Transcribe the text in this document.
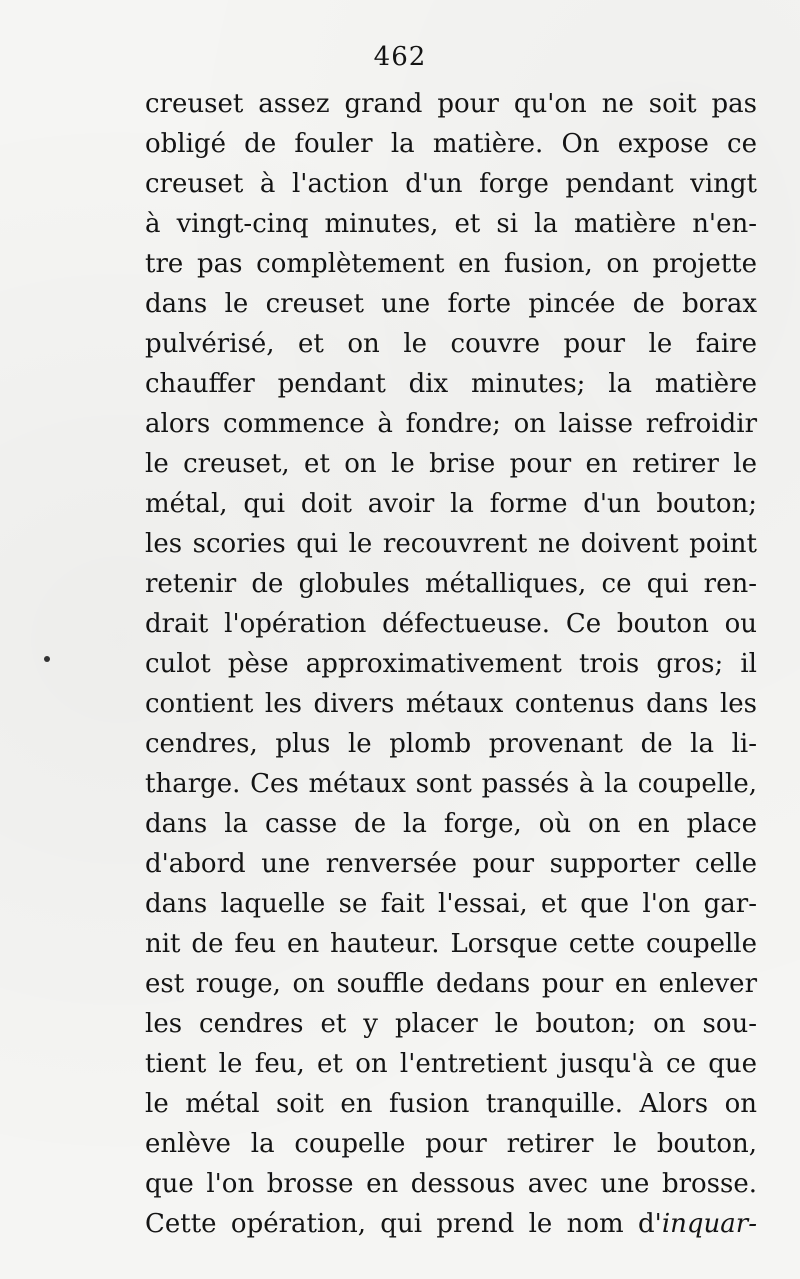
462
creuset assez grand pour qu'on ne soit pas
obligé de fouler la matière. On expose ce
creuset à l'action d'un forge pendant vingt
à vingt-cinq minutes, et si la matière n'en-
tre pas complètement en fusion, on projette
dans le creuset une forte pincée de borax
pulvérisé, et on le couvre pour le faire
chauffer pendant dix minutes; la matière
alors commence à fondre; on laisse refroidir
le creuset, et on le brise pour en retirer le
métal, qui doit avoir la forme d'un bouton;
les scories qui le recouvrent ne doivent point
retenir de globules métalliques, ce qui ren-
drait l'opération défectueuse. Ce bouton ou
culot pèse approximativement trois gros; il
contient les divers métaux contenus dans les
cendres, plus le plomb provenant de la li-
tharge. Ces métaux sont passés à la coupelle,
dans la casse de la forge, où on en place
d'abord une renversée pour supporter celle
dans laquelle se fait l'essai, et que l'on gar-
nit de feu en hauteur. Lorsque cette coupelle
est rouge, on souffle dedans pour en enlever
les cendres et y placer le bouton; on sou-
tient le feu, et on l'entretient jusqu'à ce que
le métal soit en fusion tranquille. Alors on
enlève la coupelle pour retirer le bouton,
que l'on brosse en dessous avec une brosse.
Cette opération, qui prend le nom d'inquar-
